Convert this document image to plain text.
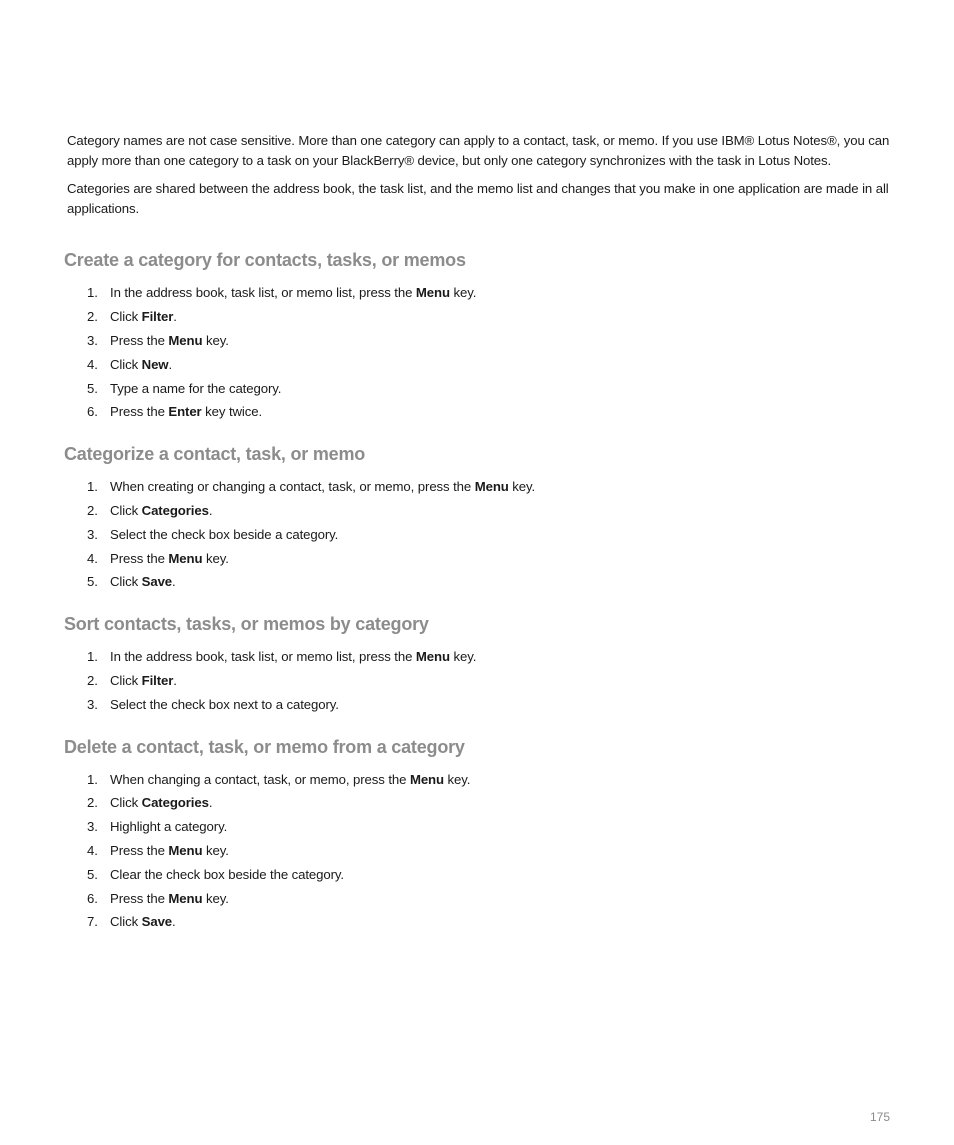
Category names are not case sensitive. More than one category can apply to a contact, task, or memo. If you use IBM® Lotus Notes®, you can apply more than one category to a task on your BlackBerry® device, but only one category synchronizes with the task in Lotus Notes.

Categories are shared between the address book, the task list, and the memo list and changes that you make in one application are made in all applications.

Create a category for contacts, tasks, or memos
1. In the address book, task list, or memo list, press the Menu key.
2. Click Filter.
3. Press the Menu key.
4. Click New.
5. Type a name for the category.
6. Press the Enter key twice.
Categorize a contact, task, or memo
1. When creating or changing a contact, task, or memo, press the Menu key.
2. Click Categories.
3. Select the check box beside a category.
4. Press the Menu key.
5. Click Save.
Sort contacts, tasks, or memos by category
1. In the address book, task list, or memo list, press the Menu key.
2. Click Filter.
3. Select the check box next to a category.
Delete a contact, task, or memo from a category
1. When changing a contact, task, or memo, press the Menu key.
2. Click Categories.
3. Highlight a category.
4. Press the Menu key.
5. Clear the check box beside the category.
6. Press the Menu key.
7. Click Save.
175
